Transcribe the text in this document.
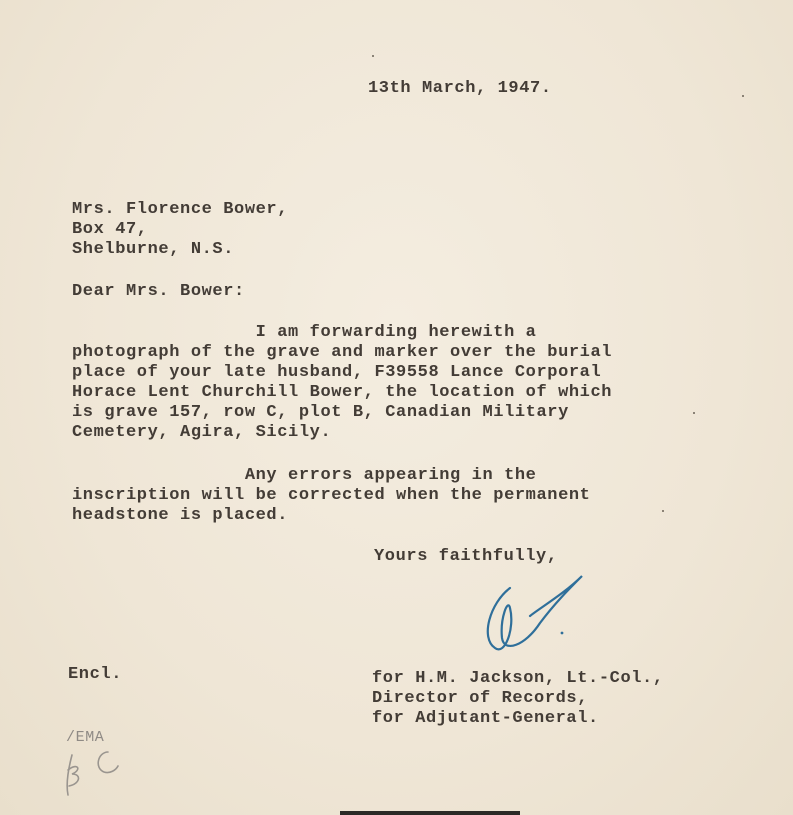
13th March, 1947.
Mrs. Florence Bower,
Box 47,
Shelburne, N.S.
Dear Mrs. Bower:
I am forwarding herewith a
photograph of the grave and marker over the burial
place of your late husband, F39558 Lance Corporal
Horace Lent Churchill Bower, the location of which
is grave 157, row C, plot B, Canadian Military
Cemetery, Agira, Sicily.
Any errors appearing in the
inscription will be corrected when the permanent
headstone is placed.
Yours faithfully,
Encl.	for H.M. Jackson, Lt.-Col.,
Director of Records,
for Adjutant-General.
/EMA
